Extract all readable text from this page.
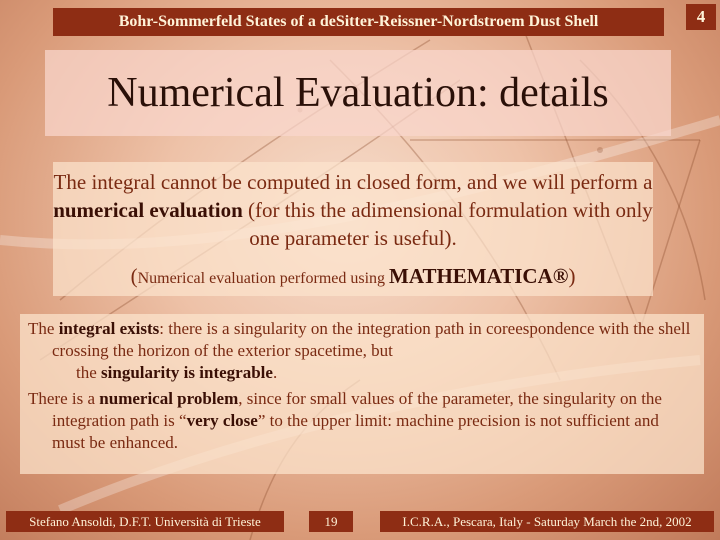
Bohr-Sommerfeld States of a deSitter-Reissner-Nordstroem Dust Shell	4
Numerical Evaluation: details
The integral cannot be computed in closed form, and we will perform a numerical evaluation (for this the adimensional formulation with only one parameter is useful).
(Numerical evaluation performed using MATHEMATICA®)
The integral exists: there is a singularity on the integration path in coreespondence with the shell crossing the horizon of the exterior spacetime, but
the singularity is integrable.
There is a numerical problem, since for small values of the parameter, the singularity on the integration path is “very close” to the upper limit: machine precision is not sufficient and must be enhanced.
Stefano Ansoldi, D.F.T. Università di Trieste	19	I.C.R.A., Pescara, Italy - Saturday March the 2nd, 2002
